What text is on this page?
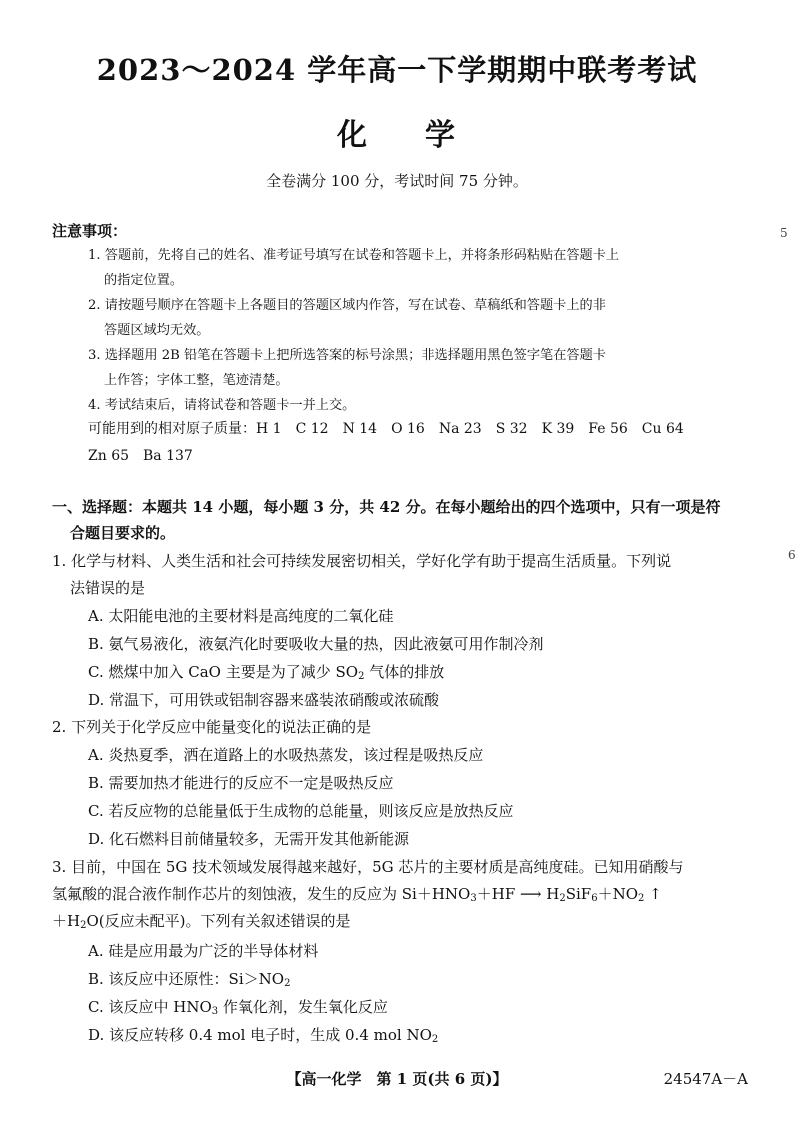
2023～2024 学年高一下学期期中联考考试
化 学
全卷满分 100 分，考试时间 75 分钟。
5
6
注意事项：
1. 答题前，先将自己的姓名、准考证号填写在试卷和答题卡上，并将条形码粘贴在答题卡上
的指定位置。
2. 请按题号顺序在答题卡上各题目的答题区域内作答，写在试卷、草稿纸和答题卡上的非
答题区域均无效。
3. 选择题用 2B 铅笔在答题卡上把所选答案的标号涂黑；非选择题用黑色签字笔在答题卡
上作答；字体工整，笔迹清楚。
4. 考试结束后，请将试卷和答题卡一并上交。
可能用到的相对原子质量：H 1 C 12 N 14 O 16 Na 23 S 32 K 39 Fe 56 Cu 64
Zn 65 Ba 137
一、选择题：本题共 14 小题，每小题 3 分，共 42 分。在每小题给出的四个选项中，只有一项是符
合题目要求的。
1. 化学与材料、人类生活和社会可持续发展密切相关，学好化学有助于提高生活质量。下列说
法错误的是
A. 太阳能电池的主要材料是高纯度的二氧化硅
B. 氨气易液化，液氨汽化时要吸收大量的热，因此液氨可用作制冷剂
C. 燃煤中加入 CaO 主要是为了减少 $SO_2$ 气体的排放
D. 常温下，可用铁或铝制容器来盛装浓硝酸或浓硫酸
2. 下列关于化学反应中能量变化的说法正确的是
A. 炎热夏季，洒在道路上的水吸热蒸发，该过程是吸热反应
B. 需要加热才能进行的反应不一定是吸热反应
C. 若反应物的总能量低于生成物的总能量，则该反应是放热反应
D. 化石燃料目前储量较多，无需开发其他新能源
3. 目前，中国在 5G 技术领域发展得越来越好，5G 芯片的主要材质是高纯度硅。已知用硝酸与
氢氟酸的混合液作制作芯片的刻蚀液，发生的反应为 $Si+HNO_3+HF$ ⟶ $H_2SiF_6+NO_2$ ↑
$+H_2O$(反应未配平)。下列有关叙述错误的是
A. 硅是应用最为广泛的半导体材料
B. 该反应中还原性：$Si>NO_2$
C. 该反应中 $HNO_3$ 作氧化剂，发生氧化反应
D. 该反应转移 0.4 mol 电子时，生成 0.4 mol $NO_2$
【高一化学　第 1 页(共 6 页)】	24547A－A
